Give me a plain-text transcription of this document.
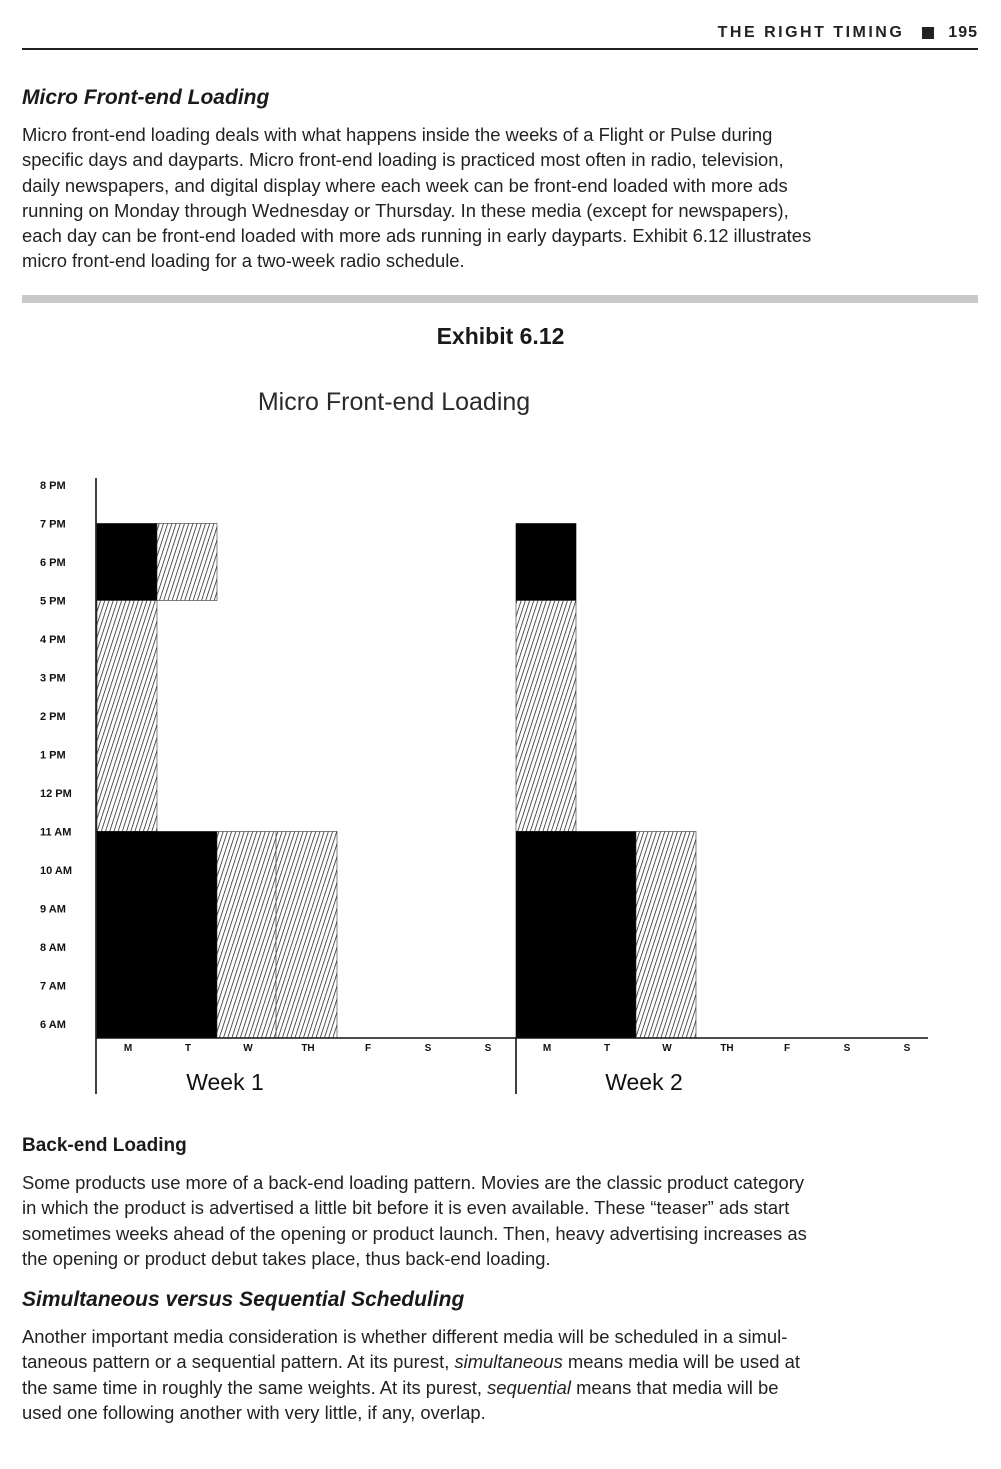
THE RIGHT TIMING	195
Micro Front-end Loading

Micro front-end loading deals with what happens inside the weeks of a Flight or Pulse during
specific days and dayparts. Micro front-end loading is practiced most often in radio, television,
daily newspapers, and digital display where each week can be front-end loaded with more ads
running on Monday through Wednesday or Thursday. In these media (except for newspapers),
each day can be front-end loaded with more ads running in early dayparts. Exhibit 6.12 illustrates
micro front-end loading for a two-week radio schedule.

Exhibit 6.12
Micro Front-end Loading
8 PM
7 PM
6 PM
5 PM
4 PM
3 PM
2 PM
1 PM
12 PM
11 AM
10 AM
9 AM
8 AM
7 AM
6 AM
M	T	W	TH	F	S	S
Week 1
M	T	W	TH	F	S	S
Week 2
Back-end Loading

Some products use more of a back-end loading pattern. Movies are the classic product category
in which the product is advertised a little bit before it is even available. These “teaser” ads start
sometimes weeks ahead of the opening or product launch. Then, heavy advertising increases as
the opening or product debut takes place, thus back-end loading.

Simultaneous versus Sequential Scheduling

Another important media consideration is whether different media will be scheduled in a simul-
taneous pattern or a sequential pattern. At its purest, simultaneous means media will be used at
the same time in roughly the same weights. At its purest, sequential means that media will be
used one following another with very little, if any, overlap.
